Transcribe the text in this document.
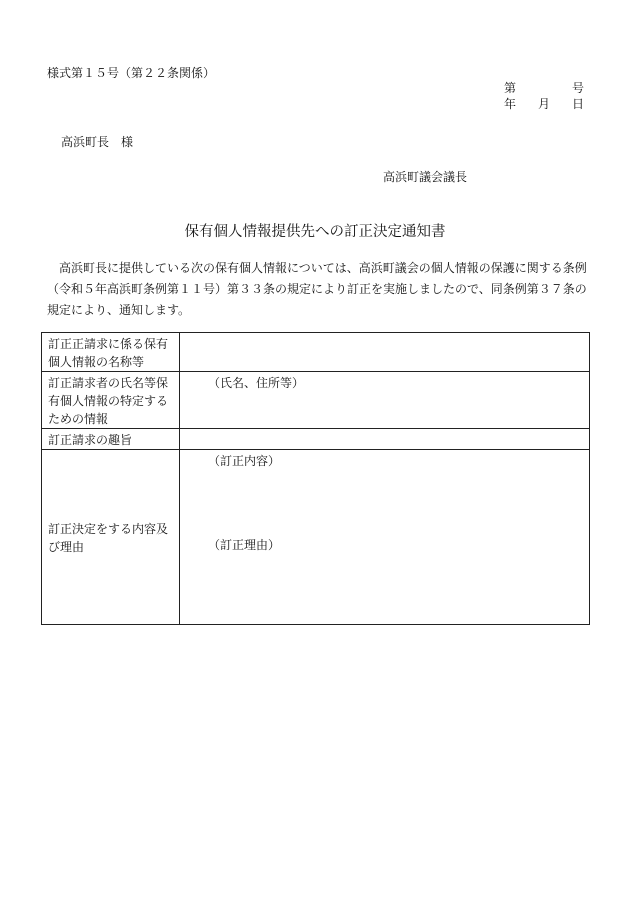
様式第１５号（第２２条関係）
第	号
年 月 日
高浜町長　様
高浜町議会議長
保有個人情報提供先への訂正決定通知書

高浜町長に提供している次の保有個人情報については、高浜町議会の個人情報の保護に関する条例（令和５年高浜町条例第１１号）第３３条の規定により訂正を実施しましたので、同条例第３７条の規定により、通知します。

訂正正請求に係る保有個人情報の名称等	
訂正請求者の氏名等保有個人情報の特定するための情報	（氏名、住所等）

訂正請求の趣旨	
訂正決定をする内容及び理由	（訂正内容）
（訂正理由）
